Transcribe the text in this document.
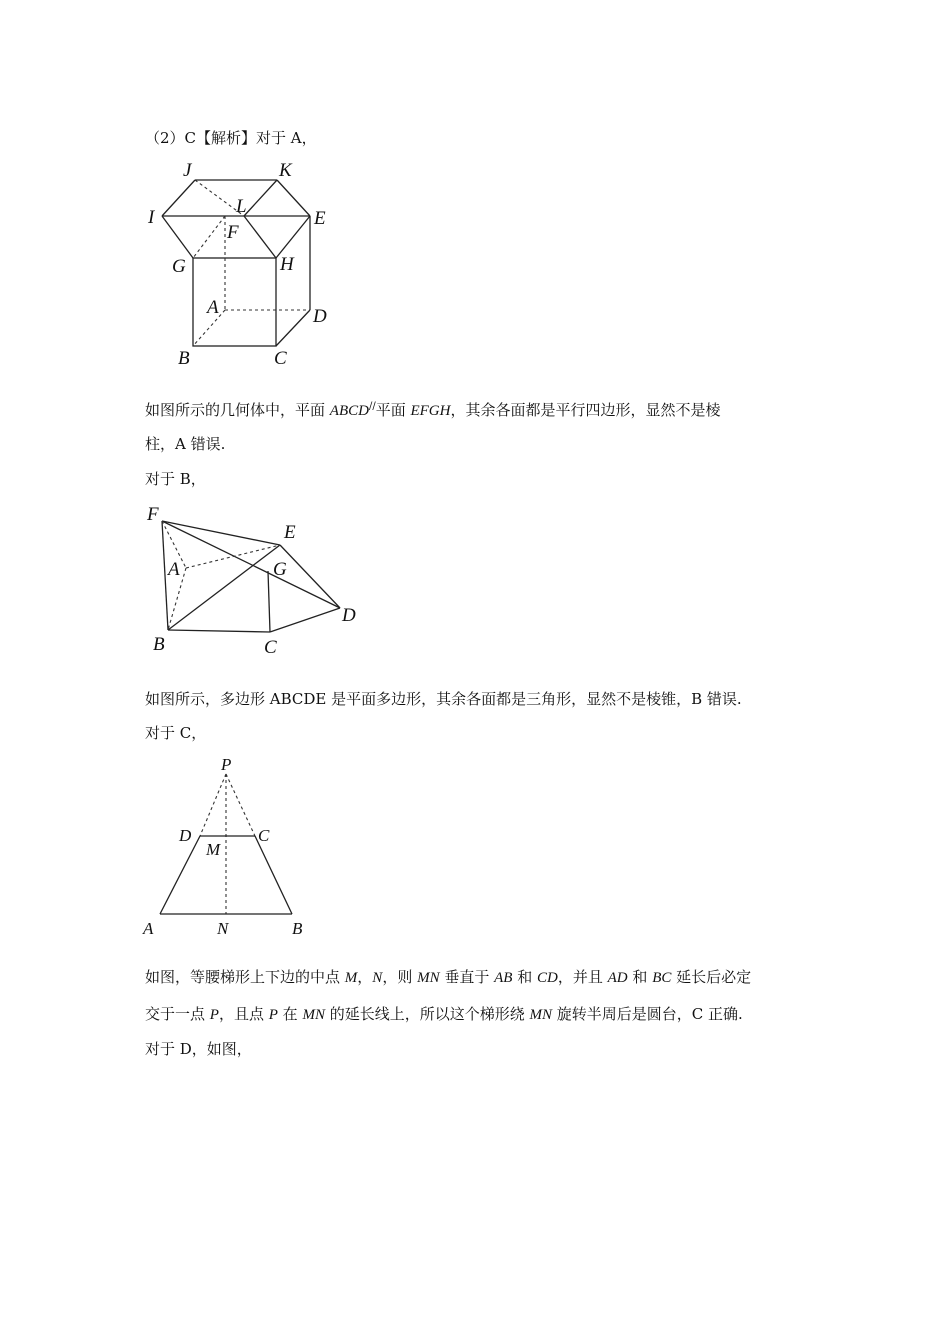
（2）C【解析】对于 A，
J	K
I
L
E
F
G	H
A	D
B	C
如图所示的几何体中，平面 ABCD//平面 EFGH，其余各面都是平行四边形，显然不是棱
柱，A 错误.
对于 B，
F
E
A	G
D
B	C
如图所示，多边形 ABCDE 是平面多边形，其余各面都是三角形，显然不是棱锥，B 错误.
对于 C，
P
D	C
M
A	N	B
如图，等腰梯形上下边的中点 M，N，则 MN 垂直于 AB 和 CD，并且 AD 和 BC 延长后必定
交于一点 P，且点 P 在 MN 的延长线上，所以这个梯形绕 MN 旋转半周后是圆台，C 正确.
对于 D，如图，
